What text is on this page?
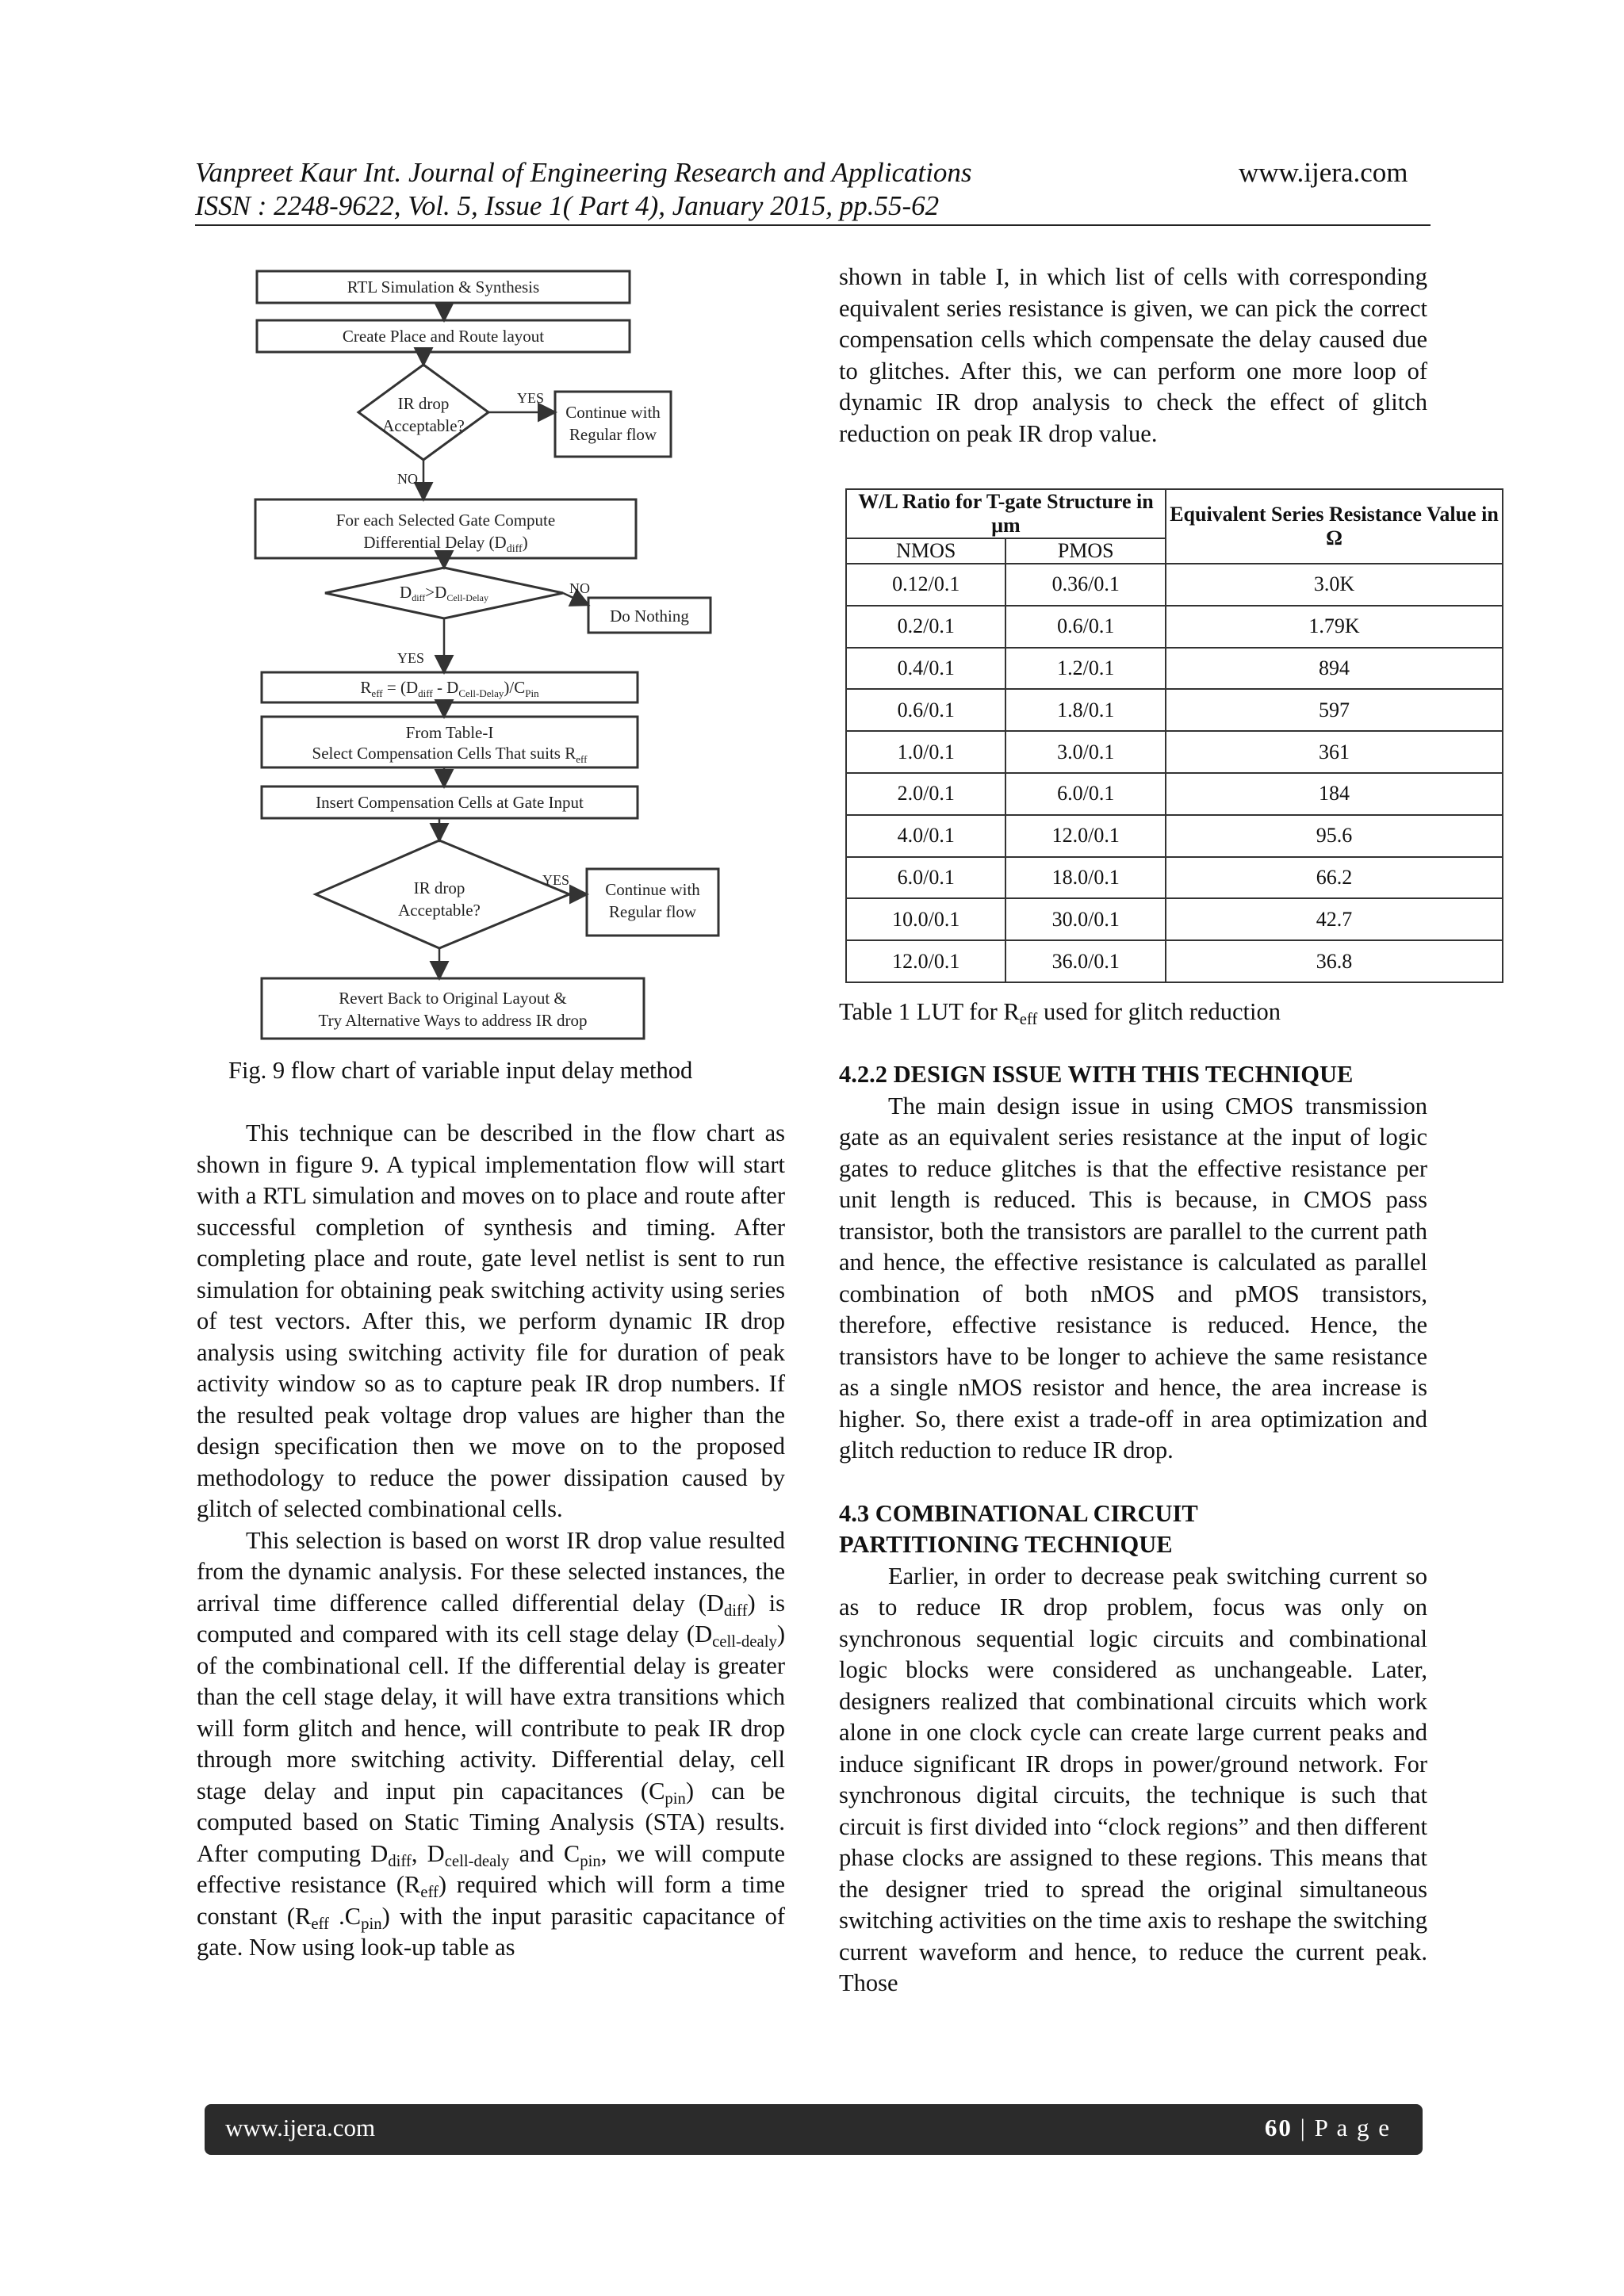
Vanpreet Kaur Int. Journal of Engineering Research and Applications	www.ijera.com
ISSN : 2248-9622, Vol. 5, Issue 1( Part 4), January 2015, pp.55-62
RTL Simulation & Synthesis
Create Place and Route layout
IR drop
Acceptable?
YES
Continue with
Regular flow
NO
For each Selected Gate Compute
Differential Delay $(D_{diff})$
Ddiff>DCell-Delay
NO
Do Nothing
YES
$R_{eff} = (D_{diff} - D_{Cell-Delay})/C_{Pin}$
From Table-I
Select Compensation Cells That suits $R_{eff}$
Insert Compensation Cells at Gate Input
IR drop
Acceptable?
YES Continue with
Regular flow
Revert Back to Original Layout &
Try Alternative Ways to address IR drop
Fig. 9 flow chart of variable input delay method

This technique can be described in the flow chart as shown in figure 9. A typical implementation flow will start with a RTL simulation and moves on to place and route after successful completion of synthesis and timing. After completing place and route, gate level netlist is sent to run simulation for obtaining peak switching activity using series of test vectors. After this, we perform dynamic IR drop analysis using switching activity file for duration of peak activity window so as to capture peak IR drop numbers. If the resulted peak voltage drop values are higher than the design specification then we move on to the proposed methodology to reduce the power dissipation caused by glitch of selected combinational cells.

This selection is based on worst IR drop value resulted from the dynamic analysis. For these selected instances, the arrival time difference called differential delay $(D_{diff})$ is computed and compared with its cell stage delay $(D_{cell-dealy})$ of the combinational cell. If the differential delay is greater than the cell stage delay, it will have extra transitions which will form glitch and hence, will contribute to peak IR drop through more switching activity. Differential delay, cell stage delay and input pin capacitances $(C_{pin})$ can be computed based on Static Timing Analysis (STA) results. After computing $D_{diff}$, $D_{cell-dealy}$ and $C_{pin}$, we will compute effective resistance $(R_{eff})$ required which will form a time constant ($R_{eff}$ $.C_{pin}$) with the input parasitic capacitance of gate. Now using look-up table as

shown in table I, in which list of cells with corresponding equivalent series resistance is given, we can pick the correct compensation cells which compensate the delay caused due to glitches. After this, we can perform one more loop of dynamic IR drop analysis to check the effect of glitch reduction on peak IR drop value.

W/L Ratio for T-gate Structure in μm		Equivalent Series Resistance Value in Ω
NMOS	PMOS	
0.12/0.1	0.36/0.1	3.0K
0.2/0.1	0.6/0.1	1.79K
0.4/0.1	1.2/0.1	894
0.6/0.1	1.8/0.1	597
1.0/0.1	3.0/0.1	361
2.0/0.1	6.0/0.1	184
4.0/0.1	12.0/0.1	95.6
6.0/0.1	18.0/0.1	66.2
10.0/0.1	30.0/0.1	42.7
12.0/0.1	36.0/0.1	36.8
Table 1 LUT for $R_{eff}$ used for glitch reduction

4.2.2 DESIGN ISSUE WITH THIS TECHNIQUE

The main design issue in using CMOS transmission gate as an equivalent series resistance at the input of logic gates to reduce glitches is that the effective resistance per unit length is reduced. This is because, in CMOS pass transistor, both the transistors are parallel to the current path and hence, the effective resistance is calculated as parallel combination of both nMOS and pMOS transistors, therefore, effective resistance is reduced. Hence, the transistors have to be longer to achieve the same resistance as a single nMOS resistor and hence, the area increase is higher. So, there exist a trade-off in area optimization and glitch reduction to reduce IR drop.

4.3 COMBINATIONAL CIRCUIT

PARTITIONING TECHNIQUE

Earlier, in order to decrease peak switching current so as to reduce IR drop problem, focus was only on synchronous sequential logic circuits and combinational logic blocks were considered as unchangeable. Later, designers realized that combinational circuits which work alone in one clock cycle can create large current peaks and induce significant IR drops in power/ground network. For synchronous digital circuits, the technique is such that circuit is first divided into “clock regions” and then different phase clocks are assigned to these regions. This means that the designer tried to spread the original simultaneous switching activities on the time axis to reshape the switching current waveform and hence, to reduce the current peak. Those

www.ijera.com	60 | P a g e
